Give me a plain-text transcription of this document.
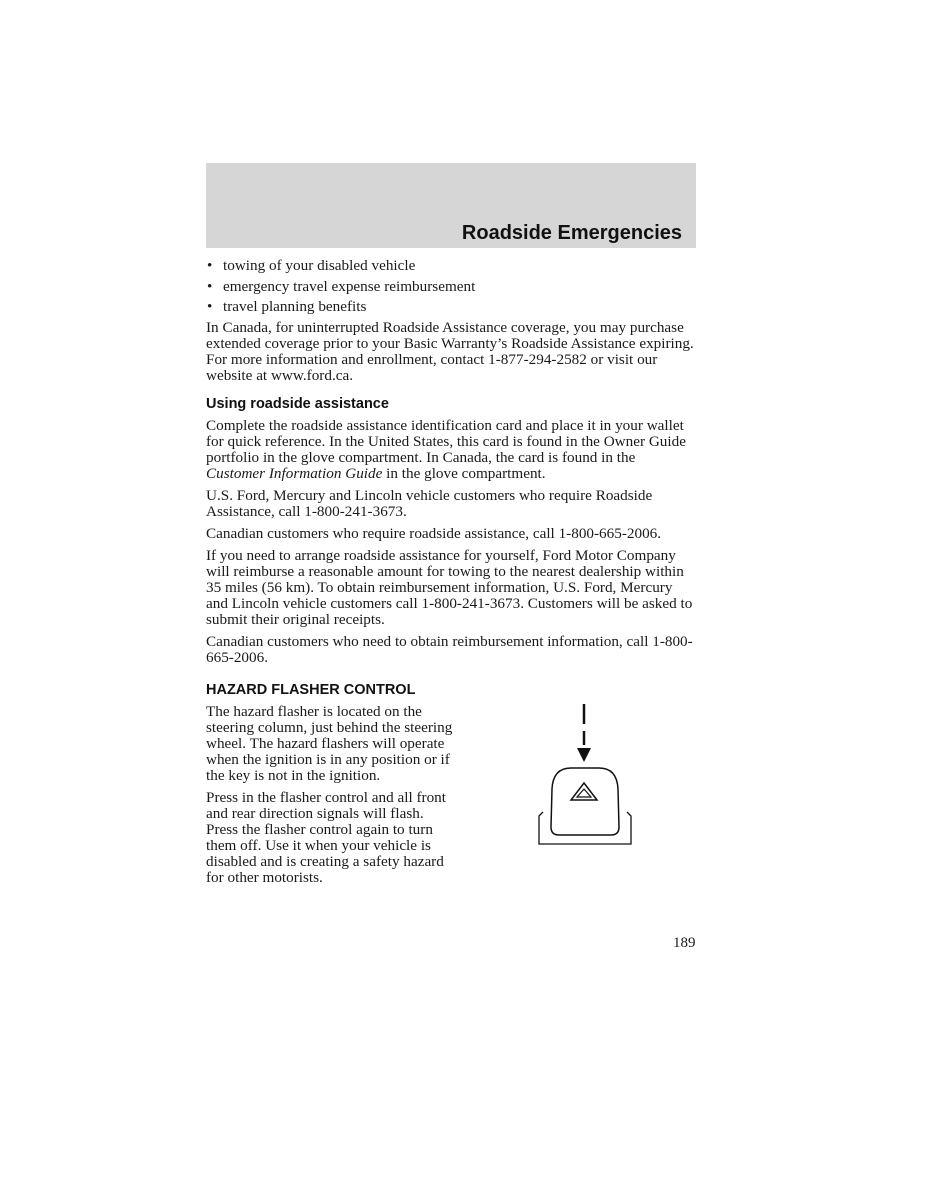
Roadside Emergencies
• towing of your disabled vehicle
• emergency travel expense reimbursement
• travel planning benefits

In Canada, for uninterrupted Roadside Assistance coverage, you may purchase extended coverage prior to your Basic Warranty’s Roadside Assistance expiring. For more information and enrollment, contact 1-877-294-2582 or visit our website at www.ford.ca.

Using roadside assistance

Complete the roadside assistance identification card and place it in your wallet for quick reference. In the United States, this card is found in the Owner Guide portfolio in the glove compartment. In Canada, the card is found in the Customer Information Guide in the glove compartment.

U.S. Ford, Mercury and Lincoln vehicle customers who require Roadside Assistance, call 1-800-241-3673.

Canadian customers who require roadside assistance, call 1-800-665-2006.

If you need to arrange roadside assistance for yourself, Ford Motor Company will reimburse a reasonable amount for towing to the nearest dealership within 35 miles (56 km). To obtain reimbursement information, U.S. Ford, Mercury and Lincoln vehicle customers call 1-800-241-3673. Customers will be asked to submit their original receipts.

Canadian customers who need to obtain reimbursement information, call 1-800-665-2006.

HAZARD FLASHER CONTROL

The hazard flasher is located on the steering column, just behind the steering wheel. The hazard flashers will operate when the ignition is in any position or if the key is not in the ignition.

Press in the flasher control and all front and rear direction signals will flash. Press the flasher control again to turn them off. Use it when your vehicle is disabled and is creating a safety hazard for other motorists.

189
